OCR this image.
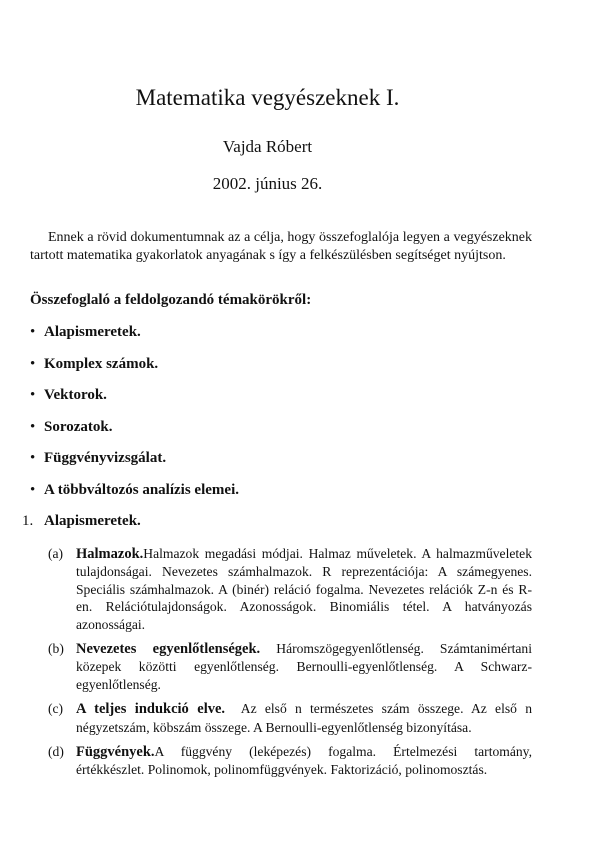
Matematika vegyészeknek I.
Vajda Róbert
2002. június 26.
Ennek a rövid dokumentumnak az a célja, hogy összefoglalója legyen a vegyészeknek tartott matematika gyakorlatok anyagának s így a felkészülésben segítséget nyújtson.
Összefoglaló a feldolgozandó témakörökről:
• Alapismeretek.
• Komplex számok.
• Vektorok.
• Sorozatok.
• Függvényvizsgálat.
• A többváltozós analízis elemei.
1. Alapismeretek.
(a) Halmazok.Halmazok megadási módjai. Halmaz műveletek. A halmazműveletek tulajdonságai. Nevezetes számhalmazok. R reprezentációja: A számegyenes. Speciális számhalmazok. A (binér) reláció fogalma. Nevezetes relációk Z-n és R-en. Relációtulajdonságok. Azonosságok. Binomiális tétel. A hatványozás azonosságai.
(b) Nevezetes egyenlőtlenségek. Háromszögegyenlőtlenség. Számtanimértani közepek közötti egyenlőtlenség. Bernoulli-egyenlőtlenség. A Schwarz-egyenlőtlenség.
(c) A teljes indukció elve. Az első n természetes szám összege. Az első n négyzetszám, köbszám összege. A Bernoulli-egyenlőtlenség bizonyítása.
(d) Függvények.A függvény (leképezés) fogalma. Értelmezési tartomány, értékkészlet. Polinomok, polinomfüggvények. Faktorizáció, polinomosztás.
